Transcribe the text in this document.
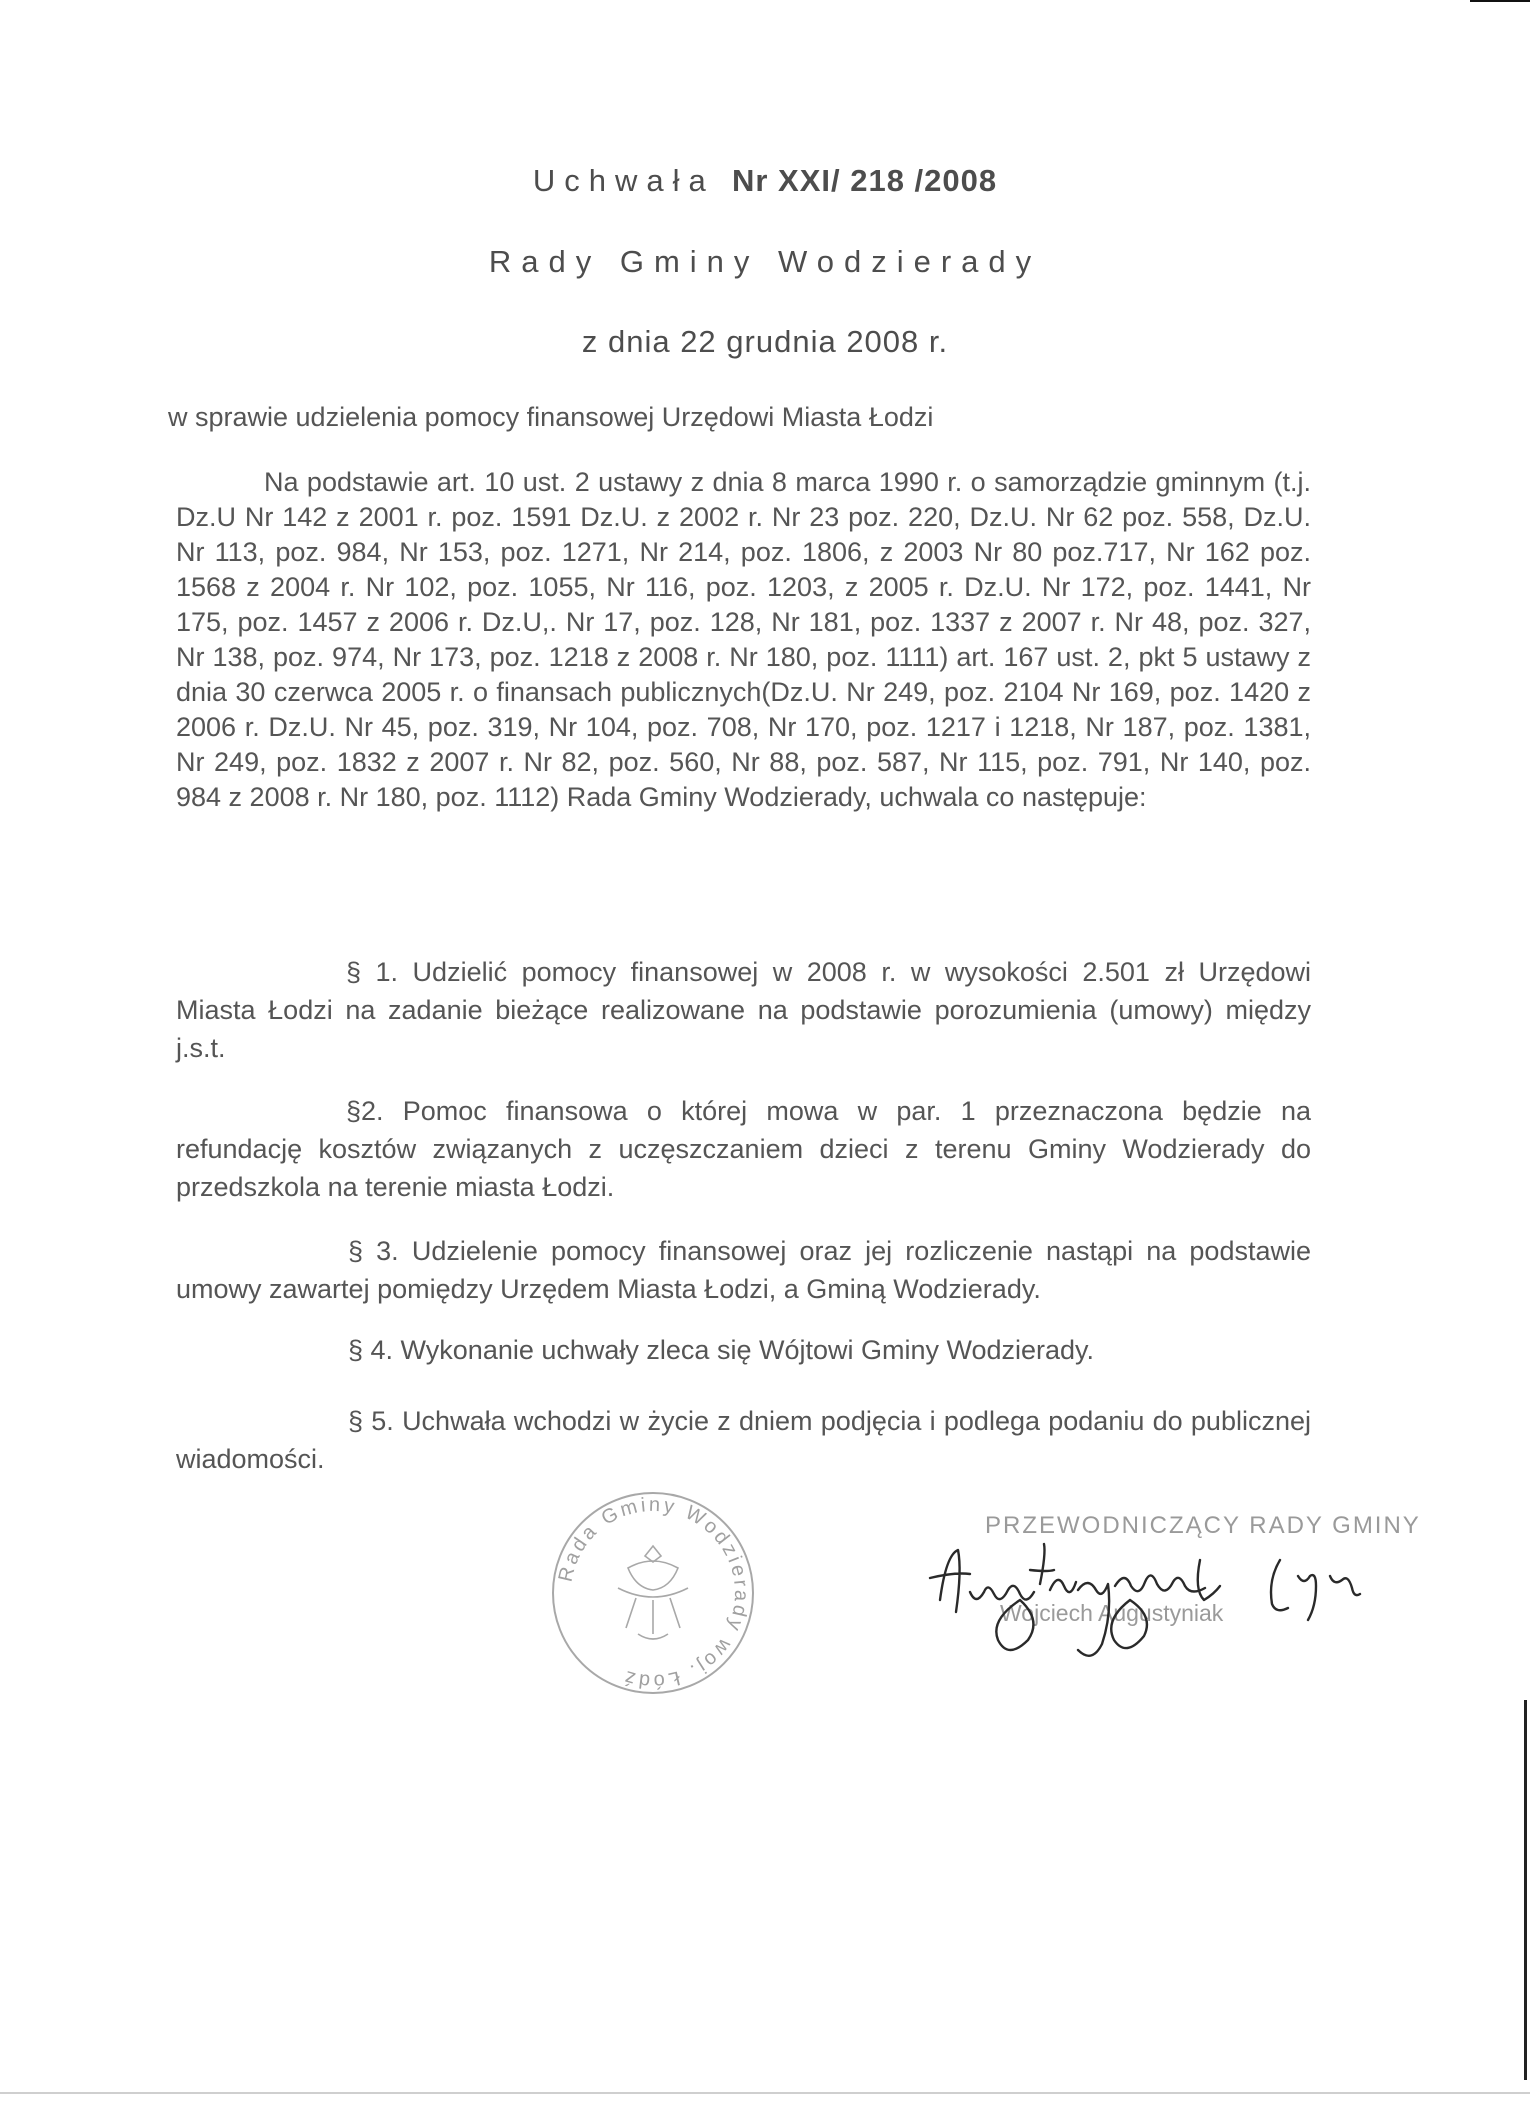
Uchwała Nr XXI/ 218 /2008
Rady Gminy Wodzierady
z dnia 22 grudnia 2008 r.
w sprawie udzielenia pomocy finansowej Urzędowi Miasta Łodzi
Na podstawie art. 10 ust. 2 ustawy z dnia 8 marca 1990 r. o samorządzie gminnym (t.j. Dz.U Nr 142 z 2001 r. poz. 1591 Dz.U. z 2002 r. Nr 23 poz. 220, Dz.U. Nr 62 poz. 558, Dz.U. Nr 113, poz. 984, Nr 153, poz. 1271, Nr 214, poz. 1806, z 2003 Nr 80 poz.717, Nr 162 poz. 1568 z 2004 r. Nr 102, poz. 1055, Nr 116, poz. 1203, z 2005 r. Dz.U. Nr 172, poz. 1441, Nr 175, poz. 1457 z 2006 r. Dz.U,. Nr 17, poz. 128, Nr 181, poz. 1337 z 2007 r. Nr 48, poz. 327, Nr 138, poz. 974, Nr 173, poz. 1218 z 2008 r. Nr 180, poz. 1111) art. 167 ust. 2, pkt 5 ustawy z dnia 30 czerwca 2005 r. o finansach publicznych(Dz.U. Nr 249, poz. 2104 Nr 169, poz. 1420 z 2006 r. Dz.U. Nr 45, poz. 319, Nr 104, poz. 708, Nr 170, poz. 1217 i 1218, Nr 187, poz. 1381, Nr 249, poz. 1832 z 2007 r. Nr 82, poz. 560, Nr 88, poz. 587, Nr 115, poz. 791, Nr 140, poz. 984 z 2008 r. Nr 180, poz. 1112) Rada Gminy Wodzierady, uchwala co następuje:
§ 1. Udzielić pomocy finansowej w 2008 r. w wysokości 2.501 zł Urzędowi Miasta Łodzi na zadanie bieżące realizowane na podstawie porozumienia (umowy) między j.s.t.
§2. Pomoc finansowa o której mowa w par. 1 przeznaczona będzie na refundację kosztów związanych z uczęszczaniem dzieci z terenu Gminy Wodzierady do przedszkola na terenie miasta Łodzi.
§ 3. Udzielenie pomocy finansowej oraz jej rozliczenie nastąpi na podstawie umowy zawartej pomiędzy Urzędem Miasta Łodzi, a Gminą Wodzierady.
§ 4. Wykonanie uchwały zleca się Wójtowi Gminy Wodzierady.
§ 5. Uchwała wchodzi w życie z dniem podjęcia i podlega podaniu do publicznej wiadomości.
Rada Gminy Wodzierady woj. Łódź
PRZEWODNICZĄCY RADY GMINY
Wojciech Augustyniak
